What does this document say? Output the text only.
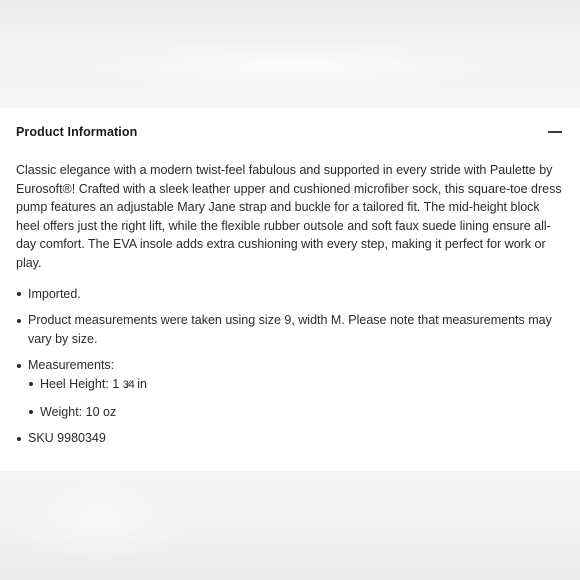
Product Information

Classic elegance with a modern twist-feel fabulous and supported in every stride with Paulette by Eurosoft®! Crafted with a sleek leather upper and cushioned microfiber sock, this square-toe dress pump features an adjustable Mary Jane strap and buckle for a tailored fit. The mid-height block heel offers just the right lift, while the flexible rubber outsole and soft faux suede lining ensure all-day comfort. The EVA insole adds extra cushioning with every step, making it perfect for work or play.

Imported.
Product measurements were taken using size 9, width M. Please note that measurements may vary by size.
Measurements:
Heel Height: 1 3⁄4 in
Weight: 10 oz
SKU 9980349
